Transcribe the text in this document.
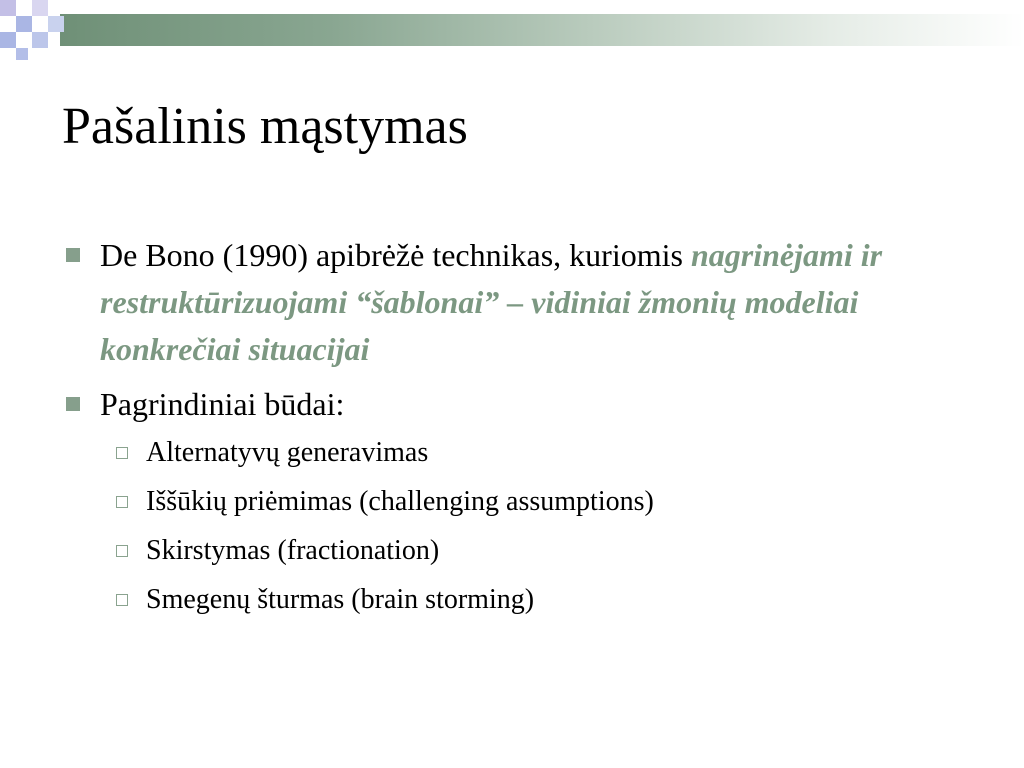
Pašalinis mąstymas
De Bono (1990) apibrėžė technikas, kuriomis nagrinėjami ir restruktūrizuojami “šablonai” – vidiniai žmonių modeliai konkrečiai situacijai
Pagrindiniai būdai:
Alternatyvų generavimas
Iššūkių priėmimas (challenging assumptions)
Skirstymas (fractionation)
Smegenų šturmas (brain storming)
